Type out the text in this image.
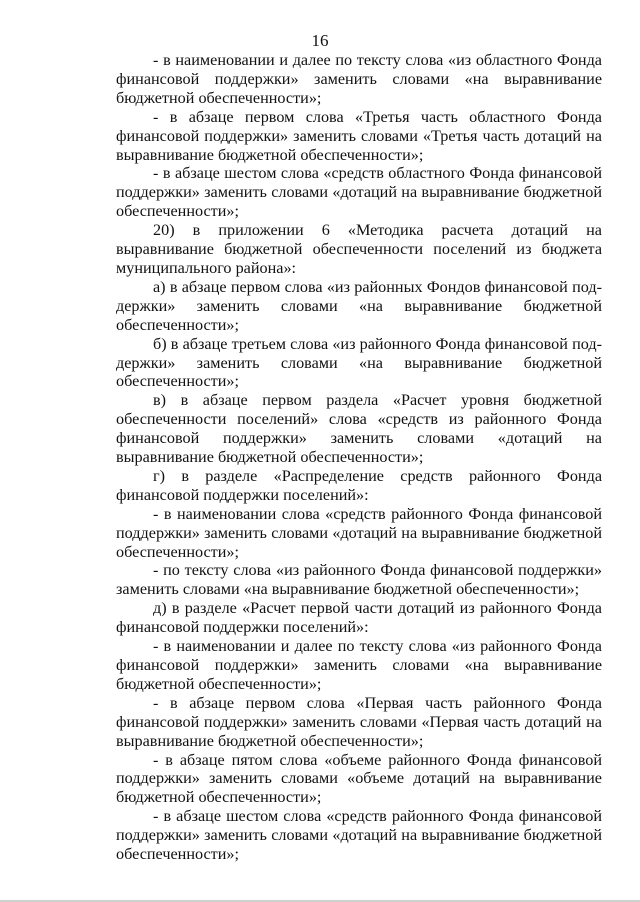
16

- в наименовании и далее по тексту слова «из областного Фонда финансовой поддержки» заменить словами «на выравнивание бюджетной обеспеченности»;

- в абзаце первом слова «Третья часть областного Фонда финансовой поддержки» заменить словами «Третья часть дотаций на выравнивание бюджетной обеспеченности»;

- в абзаце шестом слова «средств областного Фонда финансовой поддержки» заменить словами «дотаций на выравнивание бюджетной обеспеченности»;

20) в приложении 6 «Методика расчета дотаций на выравнивание бюджетной обеспеченности поселений из бюджета муниципального района»:

а) в абзаце первом слова «из районных Фондов финансовой поддержки» заменить словами «на выравнивание бюджетной обеспеченности»;

б) в абзаце третьем слова «из районного Фонда финансовой поддержки» заменить словами «на выравнивание бюджетной обеспеченности»;

в) в абзаце первом раздела «Расчет уровня бюджетной обеспеченности поселений» слова «средств из районного Фонда финансовой поддержки» заменить словами «дотаций на выравнивание бюджетной обеспеченности»;

г) в разделе «Распределение средств районного Фонда финансовой поддержки поселений»:

- в наименовании слова «средств районного Фонда финансовой поддержки» заменить словами «дотаций на выравнивание бюджетной обеспеченности»;

- по тексту слова «из районного Фонда финансовой поддержки» заменить словами «на выравнивание бюджетной обеспеченности»;

д) в разделе «Расчет первой части дотаций из районного Фонда финансовой поддержки поселений»:

- в наименовании и далее по тексту слова «из районного Фонда финансовой поддержки» заменить словами «на выравнивание бюджетной обеспеченности»;

- в абзаце первом слова «Первая часть районного Фонда финансовой поддержки» заменить словами «Первая часть дотаций на выравнивание бюджетной обеспеченности»;

- в абзаце пятом слова «объеме районного Фонда финансовой поддержки» заменить словами «объеме дотаций на выравнивание бюджетной обеспеченности»;

- в абзаце шестом слова «средств районного Фонда финансовой поддержки» заменить словами «дотаций на выравнивание бюджетной обеспеченности»;
